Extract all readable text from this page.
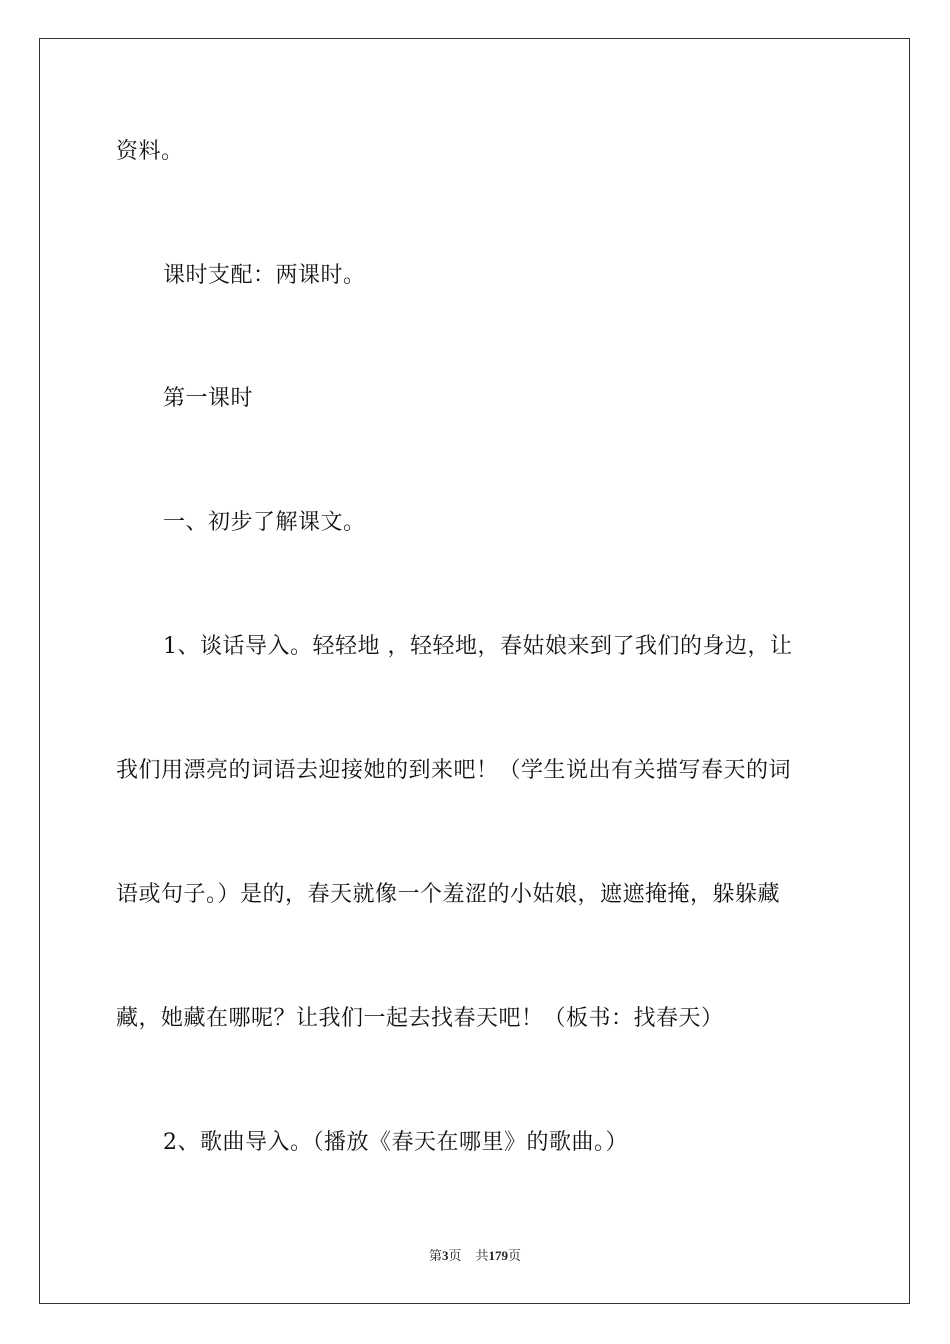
资料。
课时支配：两课时。
第一课时
一、初步了解课文。
1、谈话导入。轻轻地 ，轻轻地，春姑娘来到了我们的身边，让
我们用漂亮的词语去迎接她的到来吧！（学生说出有关描写春天的词
语或句子。）是的，春天就像一个羞涩的小姑娘，遮遮掩掩，躲躲藏
藏，她藏在哪呢？让我们一起去找春天吧！（板书：找春天）
2、歌曲导入。（播放《春天在哪里》的歌曲。）
第3页 共179页
